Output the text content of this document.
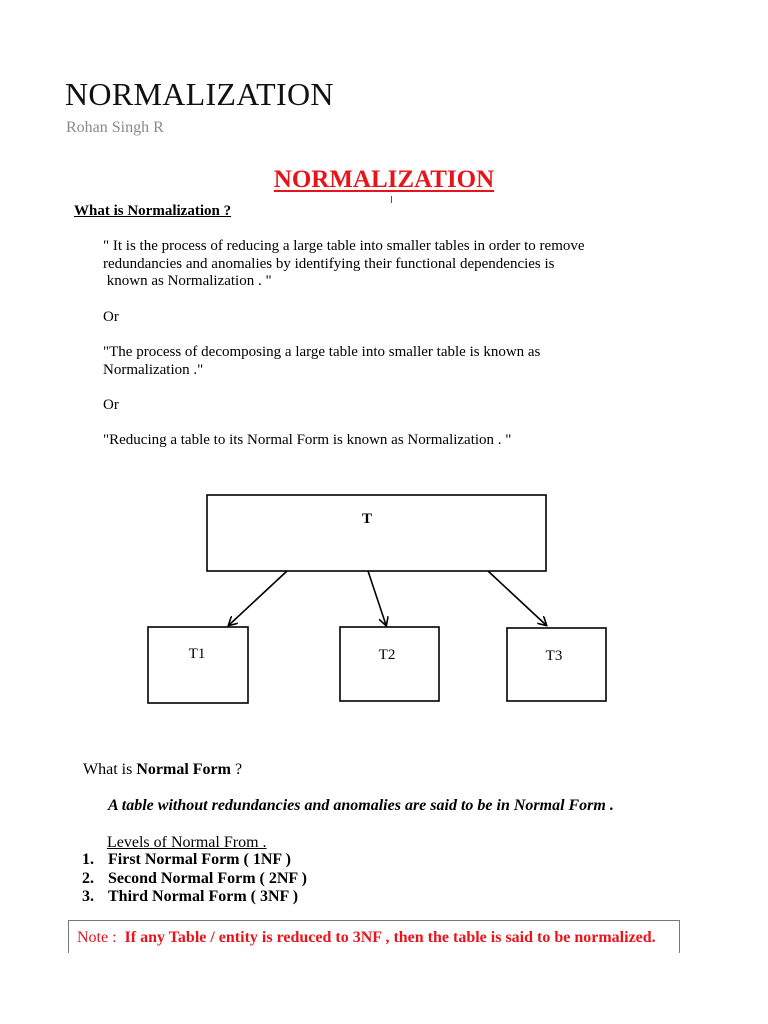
NORMALIZATION
Rohan Singh R
NORMALIZATION
What is Normalization ?
" It is the process of reducing a large table into smaller tables in order to remove
redundancies and anomalies by identifying their functional dependencies is
known as Normalization . "
Or
"The process of decomposing a large table into smaller table is known as
Normalization ."
Or
"Reducing a table to its Normal Form is known as Normalization . "
T
T1	T2	T3
What is Normal Form ?
A table without redundancies and anomalies are said to be in Normal Form .
Levels of Normal From .
1. First Normal Form ( 1NF )
2. Second Normal Form ( 2NF )
3. Third Normal Form ( 3NF )
Note :  If any Table / entity is reduced to 3NF , then the table is said to be normalized.
